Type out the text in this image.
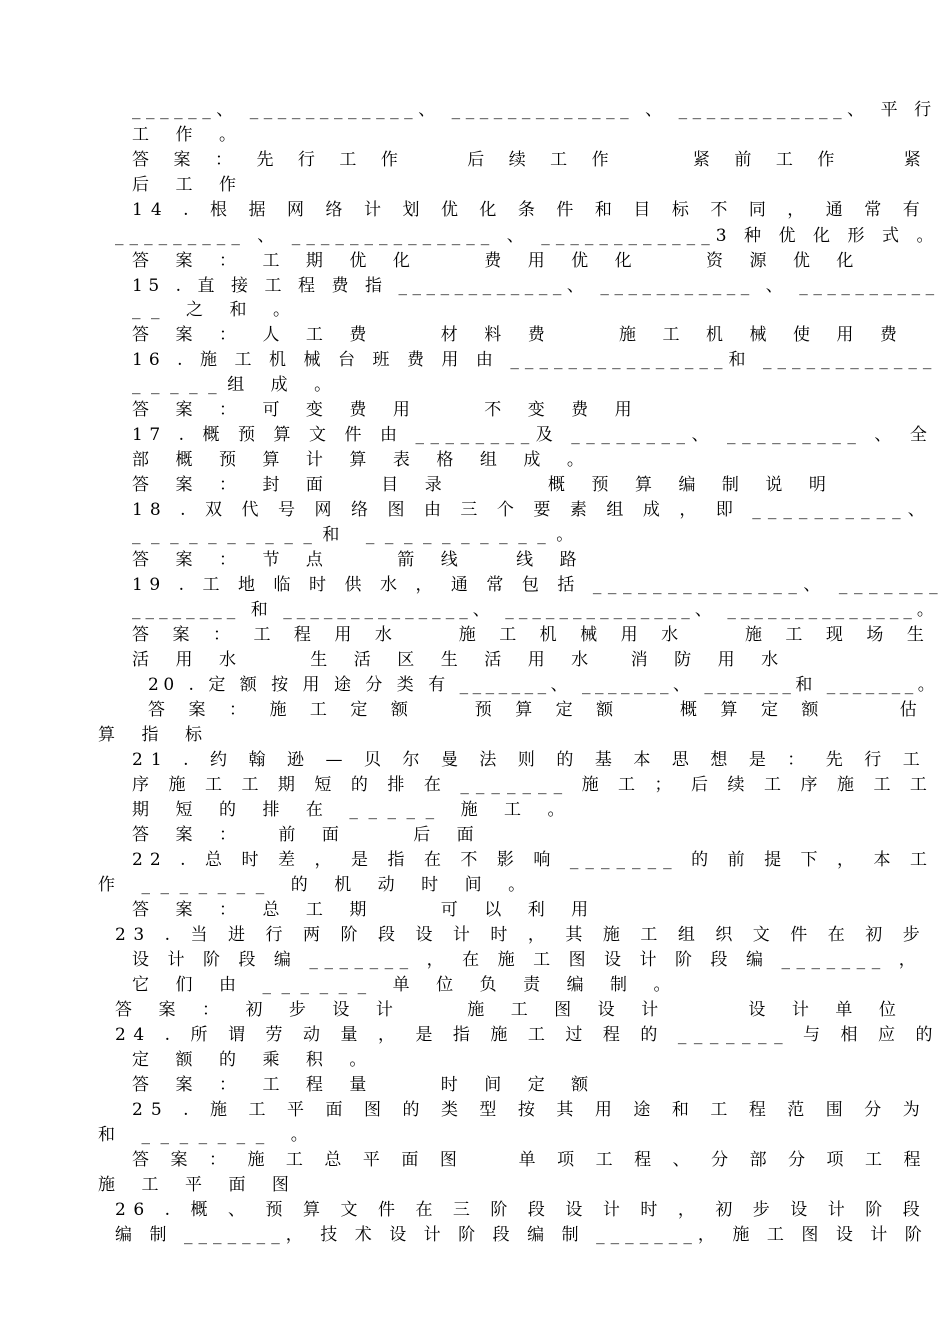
______、 ____________、 _____________ 、 ____________、 平 行
工 作 。
答 案 ： 先 行 工 作    后 续 工 作     紧 前 工 作    紧
后 工 作
14 . 根 据 网 络 计 划 优 化 条 件 和 目 标 不 同 ， 通 常 有
_________ 、 ______________ 、 ____________3 种 优 化 形 式 。
答 案 ： 工 期 优 化    费 用 优 化    资 源 优 化
15 . 直 接 工 程 费 指 ____________、 ___________ 、 __________
__ 之 和 。
答 案 ： 人 工 费    材 料 费    施 工 机 械 使 用 费
16 . 施 工 机 械 台 班 费 用 由 _______________和 ____________
_____组 成 。
答 案 ： 可 变 费 用    不 变 费 用
17 . 概 预 算 文 件 由 ________及 ________、 _________ 、 全
部 概 预 算 计 算 表 格 组 成 。
答 案 ： 封 面   目 录      概 预 算 编 制 说 明
18 . 双 代 号 网 络 图 由 三 个 要 素 组 成 ， 即 __________、
__________和 __________。
答 案 ： 节 点    箭 线   线 路
19 . 工 地 临 时 供 水 ， 通 常 包 括 ______________、 _______
________ 和 ______________、 ______________、 ______________。
答 案 ： 工 程 用 水    施 工 机 械 用 水    施 工 现 场 生
活 用 水    生 活 区 生 活 用 水  消 防 用 水
20 . 定 额 按 用 途 分 类 有 _______、 _______、 _______和 _______。
答 案 ： 施 工 定 额    预 算 定 额    概 算 定 额     估
算 指 标
21 . 约 翰 逊 — 贝 尔 曼 法 则 的 基 本 思 想 是 ： 先 行 工
序 施 工 工 期 短 的 排 在 _______ 施 工 ； 后 续 工 序 施 工 工
期 短 的 排 在 _____ 施 工 。
答 案 ：  前 面    后 面
22 . 总 时 差 ， 是 指 在 不 影 响 _______ 的 前 提 下 ， 本 工
作 _______ 的 机 动 时 间 。
答 案 ： 总 工 期    可 以 利 用
23 . 当 进 行 两 阶 段 设 计 时 ， 其 施 工 组 织 文 件 在 初 步
设 计 阶 段 编 _______ ， 在 施 工 图 设 计 阶 段 编 _______ ，
它 们 由 ______ 单 位 负 责 编 制 。
答 案 ： 初 步 设 计    施 工 图 设 计     设 计 单 位
24 . 所 谓 劳 动 量 ， 是 指 施 工 过 程 的 _______ 与 相 应 的
定 额 的 乘 积 。
答 案 ： 工 程 量    时 间 定 额
25 . 施 工 平 面 图 的 类 型 按 其 用 途 和 工 程 范 围 分 为
和 _______ 。
答 案 ： 施 工 总 平 面 图    单 项 工 程 、 分 部 分 项 工 程
施 工 平 面 图
26 . 概 、 预 算 文 件 在 三 阶 段 设 计 时 ， 初 步 设 计 阶 段
编 制 _______， 技 术 设 计 阶 段 编 制 _______， 施 工 图 设 计 阶
